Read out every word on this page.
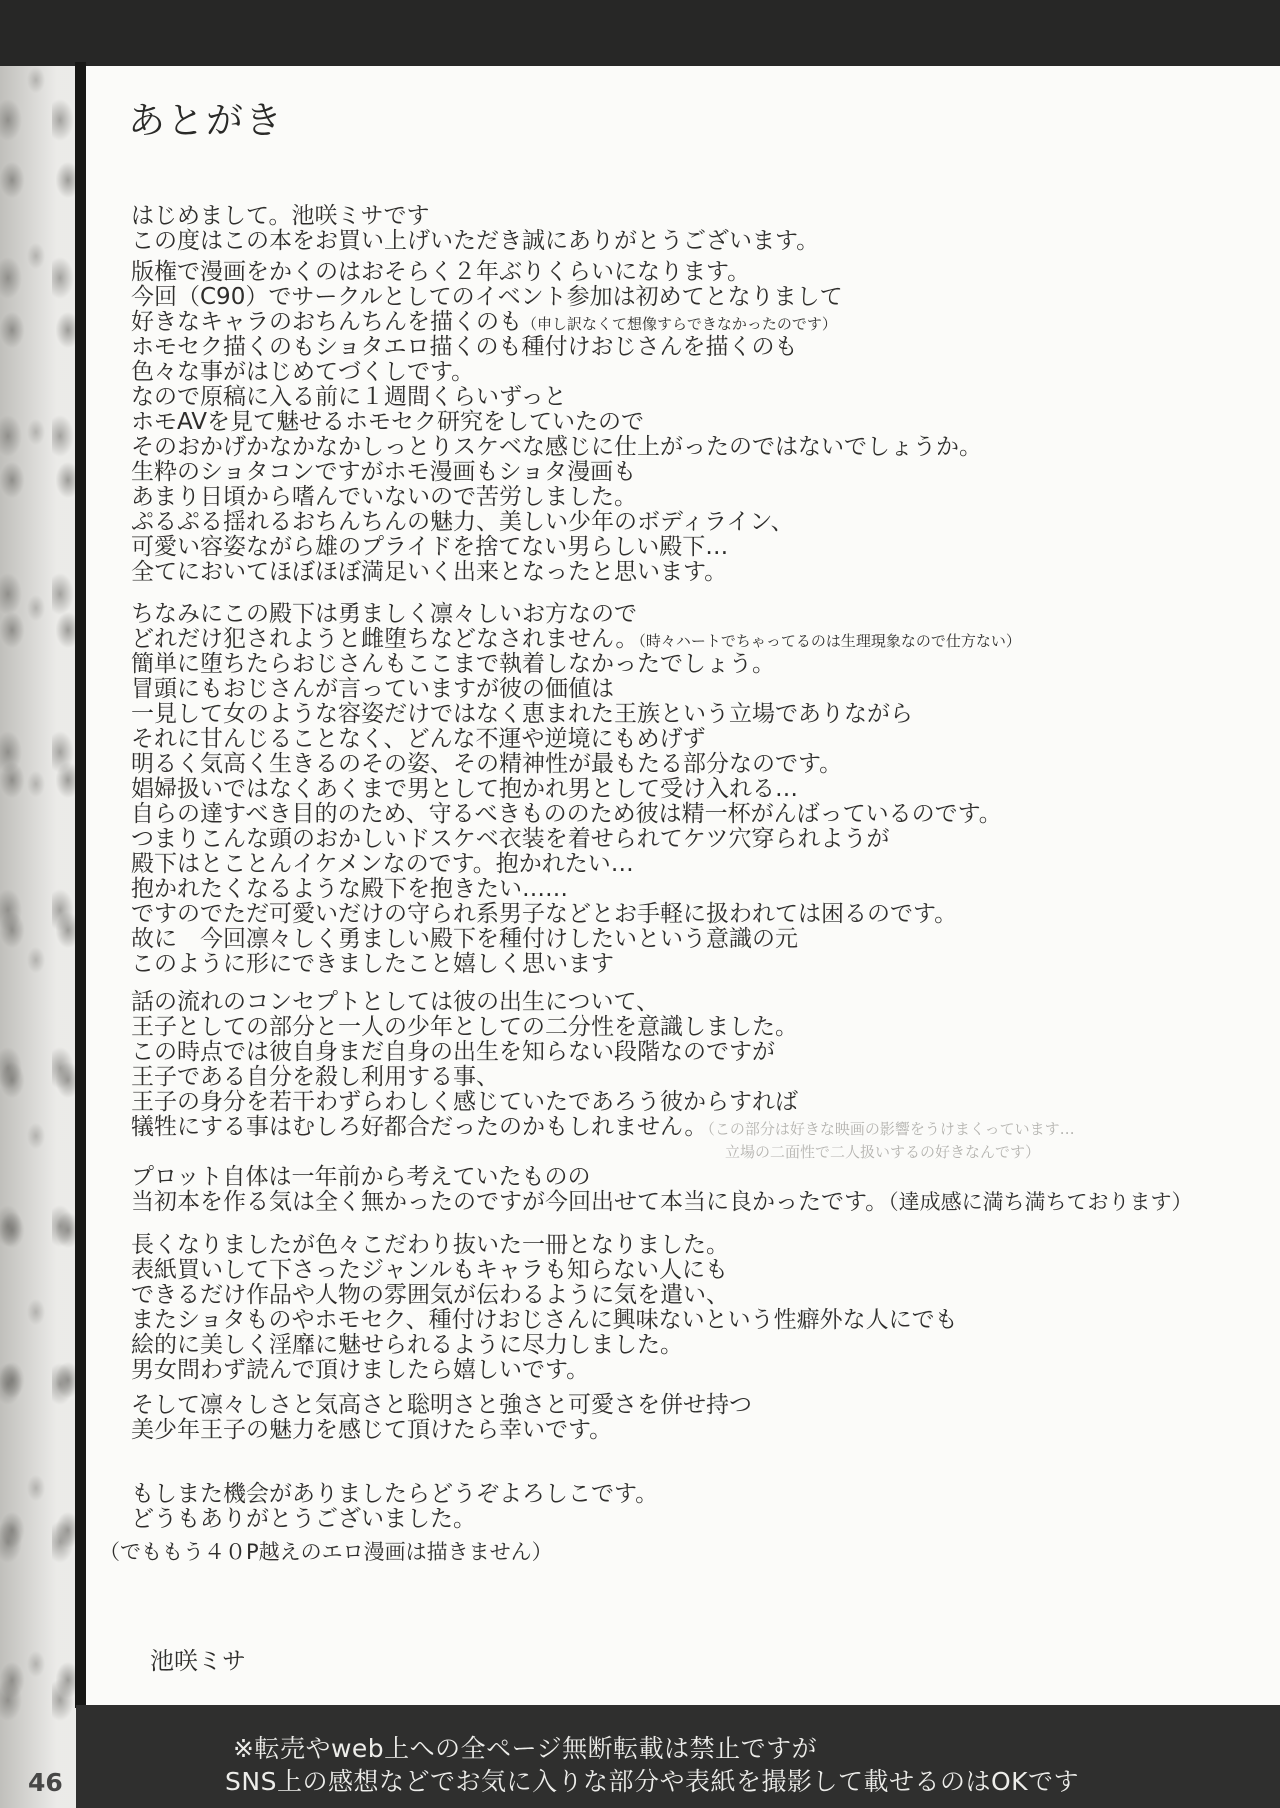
あとがき
はじめまして。池咲ミサです
この度はこの本をお買い上げいただき誠にありがとうございます。
版権で漫画をかくのはおそらく２年ぶりくらいになります。
今回（C90）でサークルとしてのイベント参加は初めてとなりまして
好きなキャラのおちんちんを描くのも（申し訳なくて想像すらできなかったのです）
ホモセク描くのもショタエロ描くのも種付けおじさんを描くのも
色々な事がはじめてづくしです。
なので原稿に入る前に１週間くらいずっと
ホモAVを見て魅せるホモセク研究をしていたので
そのおかげかなかなかしっとりスケベな感じに仕上がったのではないでしょうか。
生粋のショタコンですがホモ漫画もショタ漫画も
あまり日頃から嗜んでいないので苦労しました。
ぷるぷる揺れるおちんちんの魅力、美しい少年のボディライン、
可愛い容姿ながら雄のプライドを捨てない男らしい殿下…
全てにおいてほぼほぼ満足いく出来となったと思います。
ちなみにこの殿下は勇ましく凛々しいお方なので
どれだけ犯されようと雌堕ちなどなされません。（時々ハートでちゃってるのは生理現象なので仕方ない）
簡単に堕ちたらおじさんもここまで執着しなかったでしょう。
冒頭にもおじさんが言っていますが彼の価値は
一見して女のような容姿だけではなく恵まれた王族という立場でありながら
それに甘んじることなく、どんな不運や逆境にもめげず
明るく気高く生きるのその姿、その精神性が最もたる部分なのです。
娼婦扱いではなくあくまで男として抱かれ男として受け入れる…
自らの達すべき目的のため、守るべきもののため彼は精一杯がんばっているのです。
つまりこんな頭のおかしいドスケベ衣装を着せられてケツ穴穿られようが
殿下はとことんイケメンなのです。抱かれたい…
抱かれたくなるような殿下を抱きたい……
ですのでただ可愛いだけの守られ系男子などとお手軽に扱われては困るのです。
故に　今回凛々しく勇ましい殿下を種付けしたいという意識の元
このように形にできましたこと嬉しく思います
話の流れのコンセプトとしては彼の出生について、
王子としての部分と一人の少年としての二分性を意識しました。
この時点では彼自身まだ自身の出生を知らない段階なのですが
王子である自分を殺し利用する事、
王子の身分を若干わずらわしく感じていたであろう彼からすれば
犠牲にする事はむしろ好都合だったのかもしれません。（この部分は好きな映画の影響をうけまくっています…
立場の二面性で二人扱いするの好きなんです）
プロット自体は一年前から考えていたものの
当初本を作る気は全く無かったのですが今回出せて本当に良かったです。（達成感に満ち満ちております）
長くなりましたが色々こだわり抜いた一冊となりました。
表紙買いして下さったジャンルもキャラも知らない人にも
できるだけ作品や人物の雰囲気が伝わるように気を遣い、
またショタものやホモセク、種付けおじさんに興味ないという性癖外な人にでも
絵的に美しく淫靡に魅せられるように尽力しました。
男女問わず読んで頂けましたら嬉しいです。
そして凛々しさと気高さと聡明さと強さと可愛さを併せ持つ
美少年王子の魅力を感じて頂けたら幸いです。
もしまた機会がありましたらどうぞよろしこです。
どうもありがとうございました。
（でももう４０P越えのエロ漫画は描きません）
池咲ミサ
※転売やweb上への全ページ無断転載は禁止ですが
SNS上の感想などでお気に入りな部分や表紙を撮影して載せるのはOKです
46
